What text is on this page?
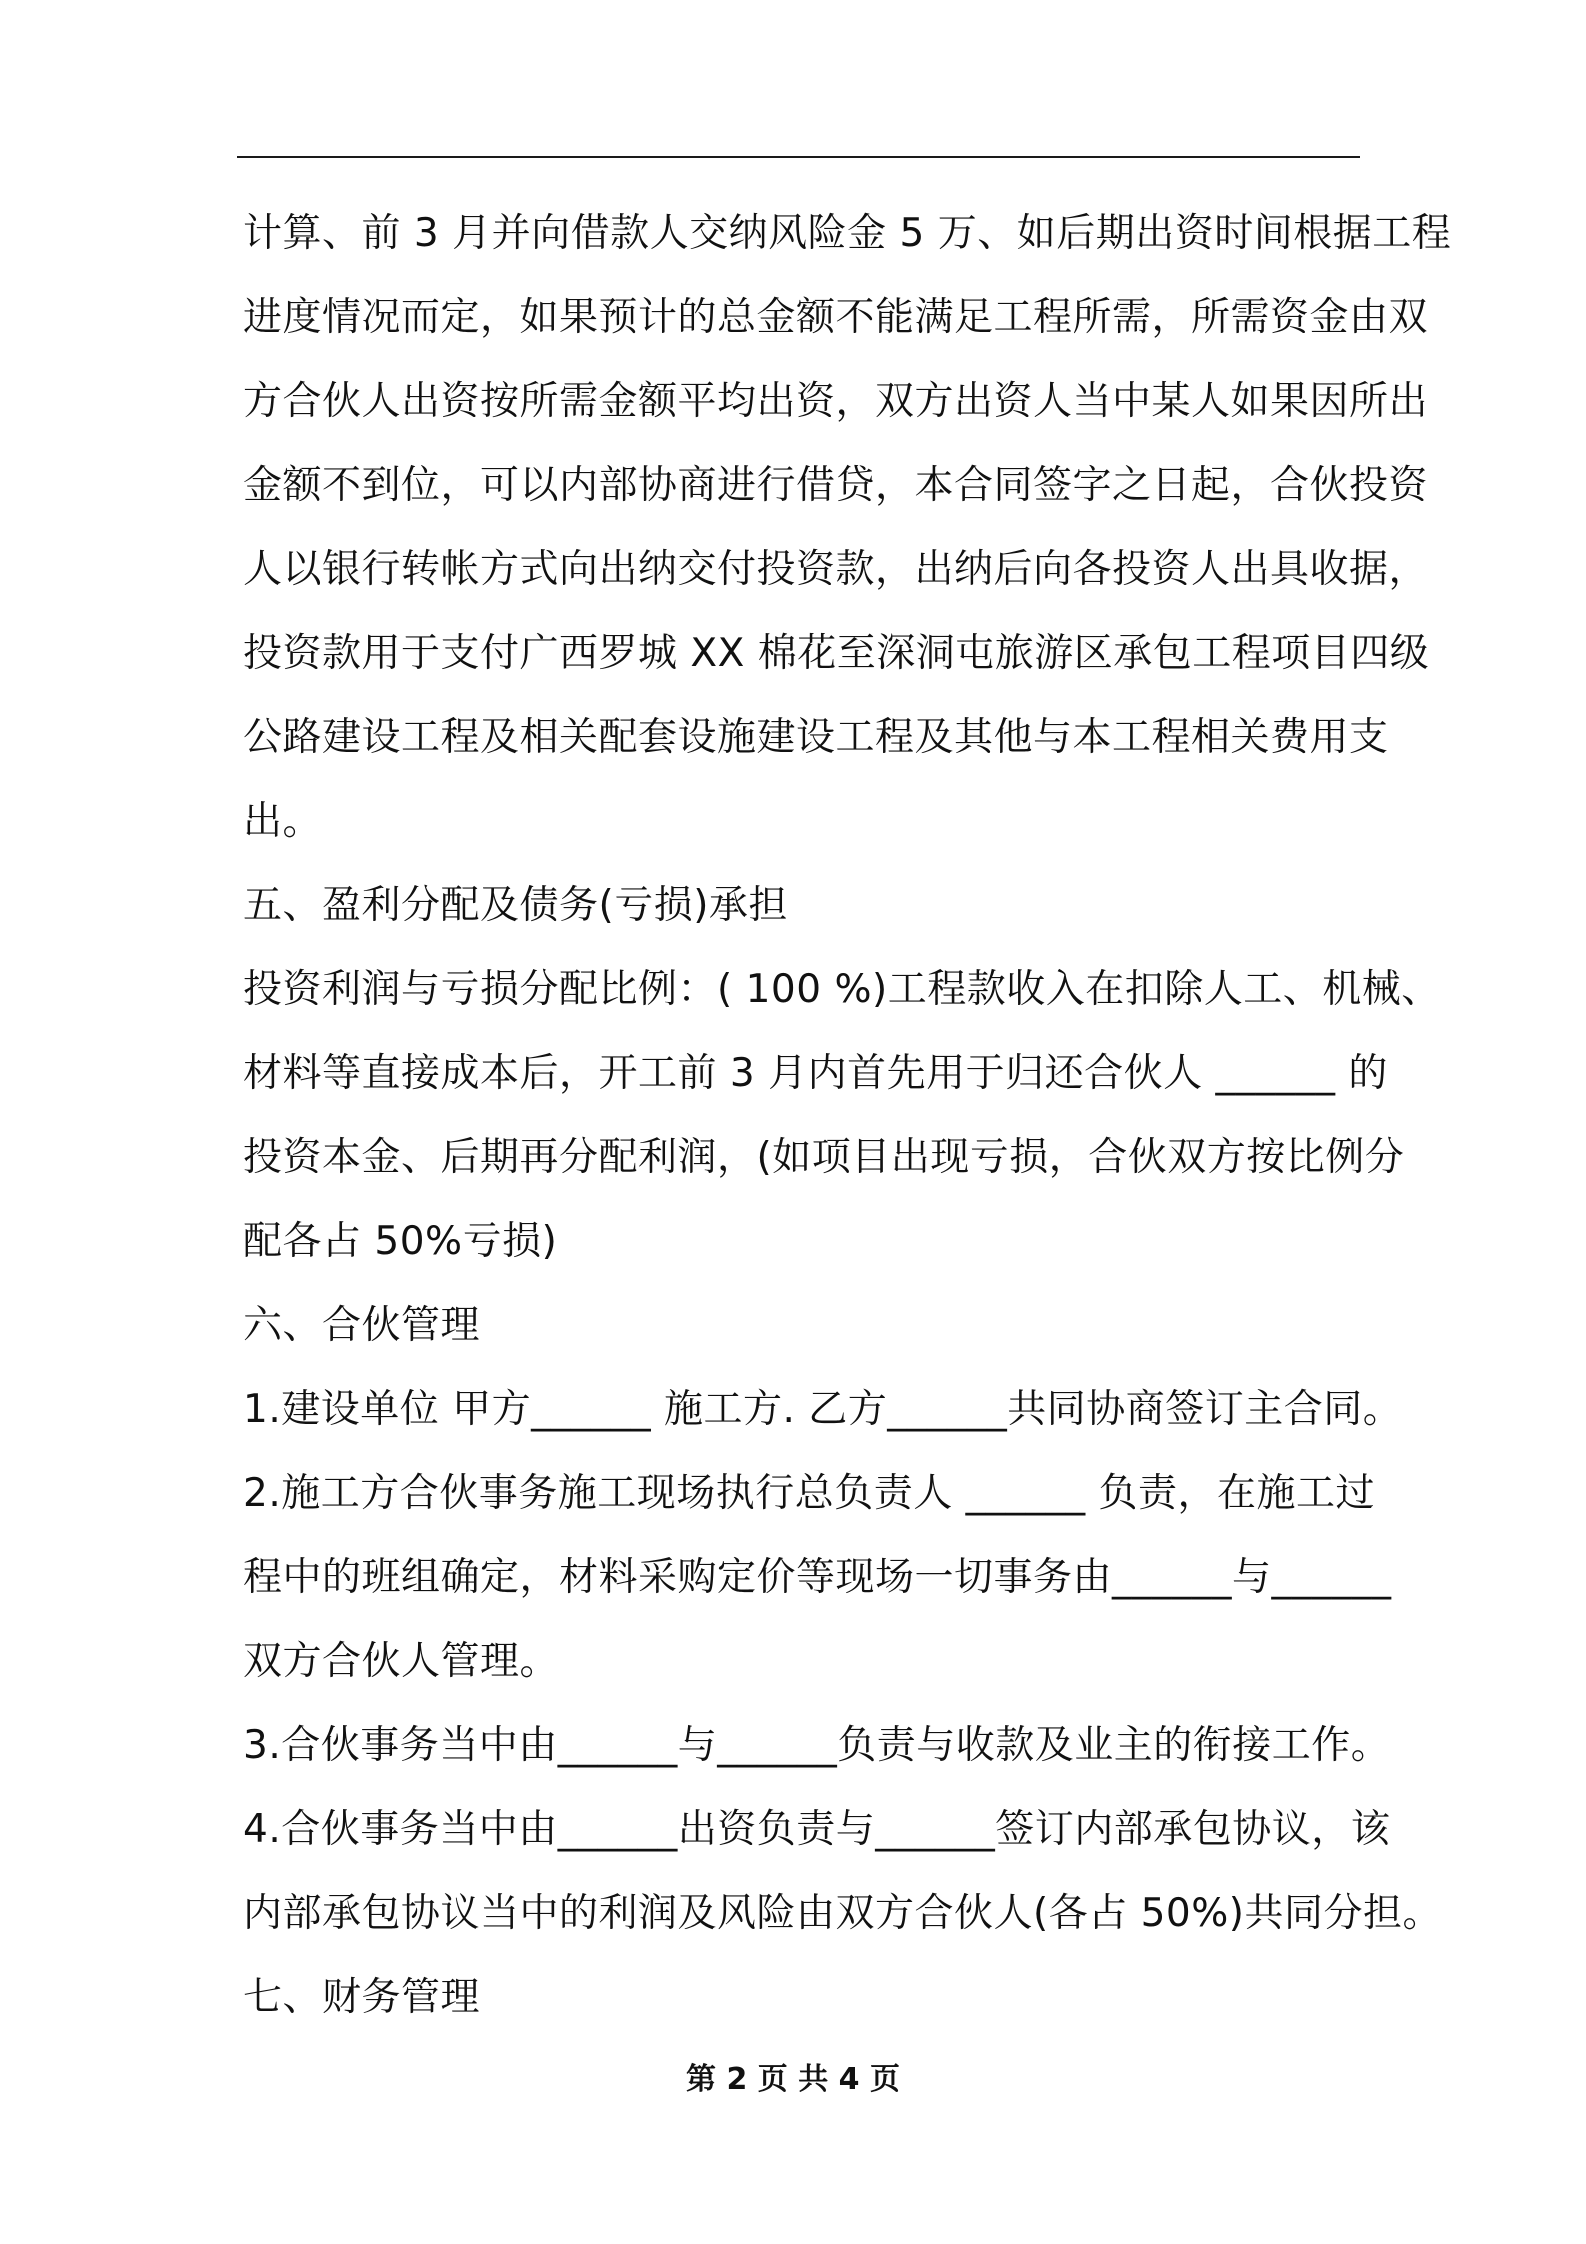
计算、前 3 月并向借款人交纳风险金 5 万、如后期出资时间根据工程
进度情况而定，如果预计的总金额不能满足工程所需，所需资金由双
方合伙人出资按所需金额平均出资，双方出资人当中某人如果因所出
金额不到位，可以内部协商进行借贷，本合同签字之日起，合伙投资
人以银行转帐方式向出纳交付投资款，出纳后向各投资人出具收据，
投资款用于支付广西罗城 XX 棉花至深洞屯旅游区承包工程项目四级
公路建设工程及相关配套设施建设工程及其他与本工程相关费用支
出。
五、盈利分配及债务(亏损)承担
投资利润与亏损分配比例：( 100 %)工程款收入在扣除人工、机械、
材料等直接成本后，开工前 3 月内首先用于归还合伙人 ______ 的
投资本金、后期再分配利润，(如项目出现亏损，合伙双方按比例分
配各占 50%亏损)
六、合伙管理
1.建设单位 甲方______ 施工方. 乙方______共同协商签订主合同。
2.施工方合伙事务施工现场执行总负责人 ______ 负责，在施工过
程中的班组确定，材料采购定价等现场一切事务由______与______
双方合伙人管理。
3.合伙事务当中由______与______负责与收款及业主的衔接工作。
4.合伙事务当中由______出资负责与______签订内部承包协议，该
内部承包协议当中的利润及风险由双方合伙人(各占 50%)共同分担。
七、财务管理
第 2 页 共 4 页
